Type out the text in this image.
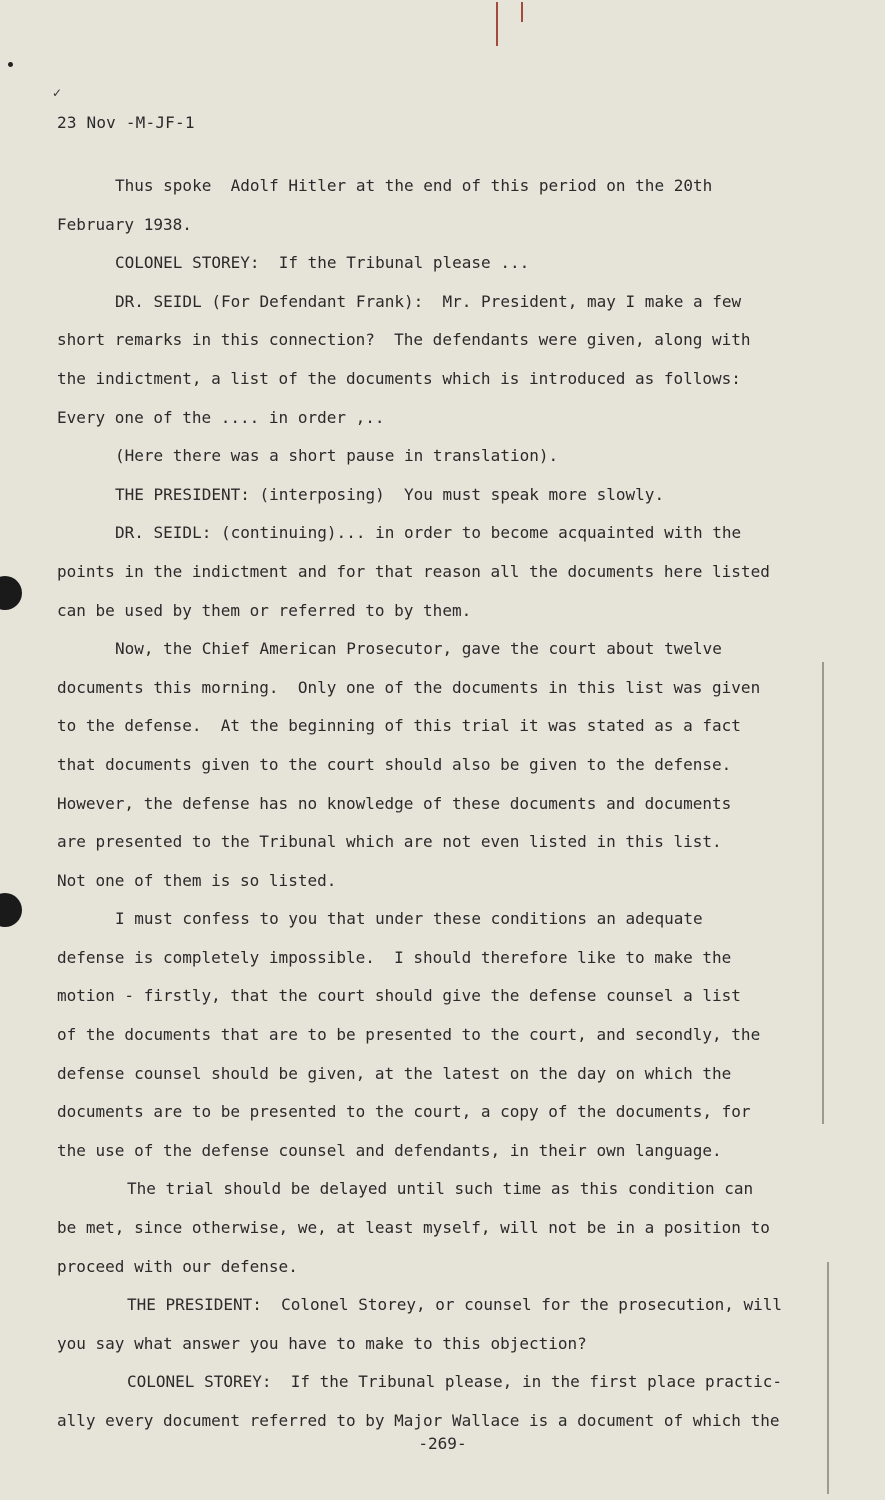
✓
23 Nov -M-JF-1

Thus spoke  Adolf Hitler at the end of this period on the 20th

February 1938.

COLONEL STOREY:  If the Tribunal please ...

DR. SEIDL (For Defendant Frank):  Mr. President, may I make a few

short remarks in this connection?  The defendants were given, along with

the indictment, a list of the documents which is introduced as follows:

Every one of the .... in order ,..

(Here there was a short pause in translation).

THE PRESIDENT: (interposing)  You must speak more slowly.

DR. SEIDL: (continuing)... in order to become acquainted with the

points in the indictment and for that reason all the documents here listed

can be used by them or referred to by them.

Now, the Chief American Prosecutor, gave the court about twelve

documents this morning.  Only one of the documents in this list was given

to the defense.  At the beginning of this trial it was stated as a fact

that documents given to the court should also be given to the defense.

However, the defense has no knowledge of these documents and documents

are presented to the Tribunal which are not even listed in this list.

Not one of them is so listed.

I must confess to you that under these conditions an adequate

defense is completely impossible.  I should therefore like to make the

motion - firstly, that the court should give the defense counsel a list

of the documents that are to be presented to the court, and secondly, the

defense counsel should be given, at the latest on the day on which the

documents are to be presented to the court, a copy of the documents, for

the use of the defense counsel and defendants, in their own language.

The trial should be delayed until such time as this condition can

be met, since otherwise, we, at least myself, will not be in a position to

proceed with our defense.

THE PRESIDENT:  Colonel Storey, or counsel for the prosecution, will

you say what answer you have to make to this objection?

COLONEL STOREY:  If the Tribunal please, in the first place practic-

ally every document referred to by Major Wallace is a document of which the

-269-
